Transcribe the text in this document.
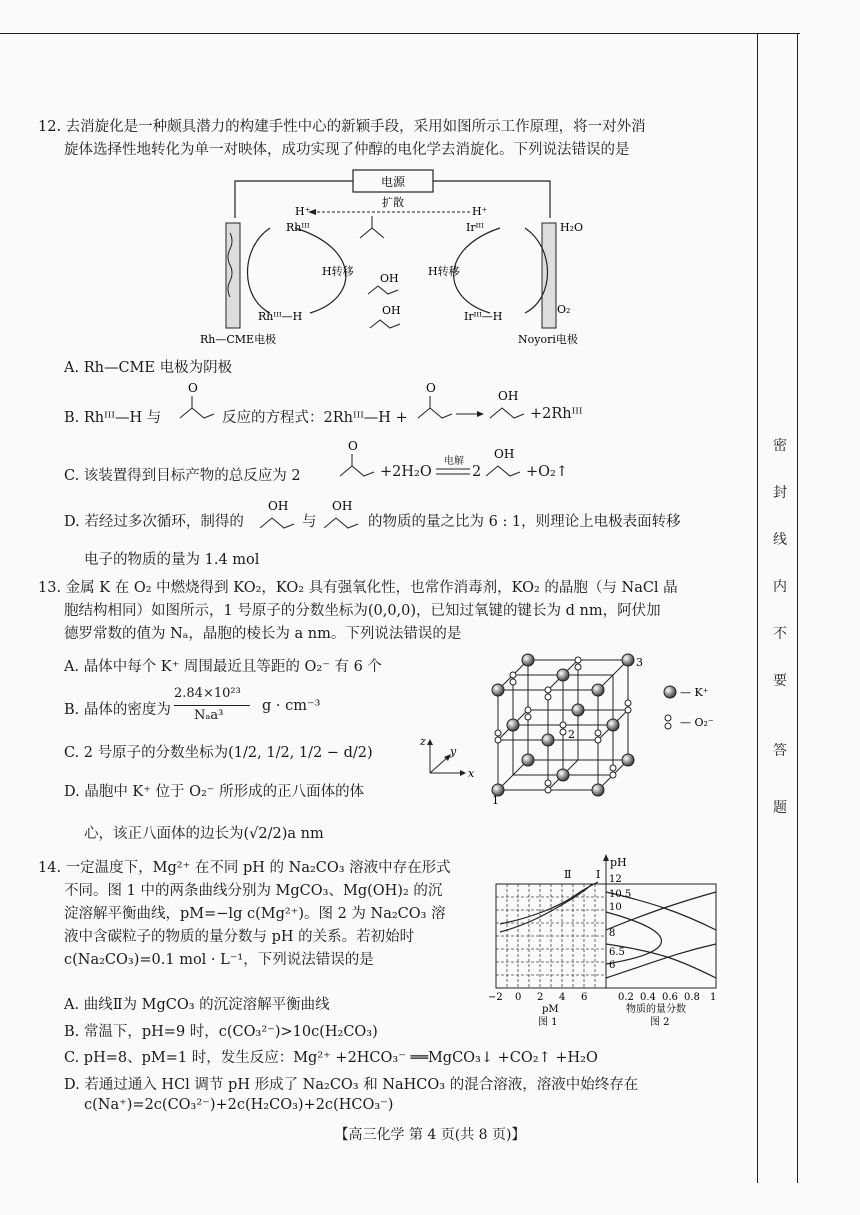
密
封
线
内
不
要
答
题
12. 去消旋化是一种颇具潜力的构建手性中心的新颖手段，采用如图所示工作原理，将一对外消
旋体选择性地转化为单一对映体，成功实现了仲醇的电化学去消旋化。下列说法错误的是
电源
扩散
H⁺	H⁺
Rhᴵᴵᴵ	Irᴵᴵᴵ	H₂O
H转移	H转移
OH
OH
Rhᴵᴵᴵ—H	Irᴵᴵᴵ—H
O₂
Rh—CME电极	Noyori电极
A. Rh—CME 电极为阴极
B. Rhᴵᴵᴵ—H 与
O
反应的方程式：2Rhᴵᴵᴵ—H +
O
OH
+2Rhᴵᴵᴵ
C. 该装置得到目标产物的总反应为 2
O
+2H₂O
电解
2
OH
+O₂↑
D. 若经过多次循环，制得的
OH
与
OH
的物质的量之比为 6 : 1，则理论上电极表面转移
电子的物质的量为 1.4 mol
13. 金属 K 在 O₂ 中燃烧得到 KO₂，KO₂ 具有强氧化性，也常作消毒剂，KO₂ 的晶胞（与 NaCl 晶
胞结构相同）如图所示，1 号原子的分数坐标为(0,0,0)，已知过氧键的键长为 d nm，阿伏加
德罗常数的值为 Nₐ，晶胞的棱长为 a nm。下列说法错误的是
A. 晶体中每个 K⁺ 周围最近且等距的 O₂⁻ 有 6 个
B. 晶体的密度为
2.84×10²³
Nₐa³
g · cm⁻³
C. 2 号原子的分数坐标为(1/2, 1/2, 1/2 − d/2)
D. 晶胞中 K⁺ 位于 O₂⁻ 所形成的正八面体的体
心，该正八面体的边长为(√2/2)a nm
z
y
x
1
2
3
— K⁺
— O₂⁻
14. 一定温度下，Mg²⁺ 在不同 pH 的 Na₂CO₃ 溶液中存在形式
不同。图 1 中的两条曲线分别为 MgCO₃、Mg(OH)₂ 的沉
淀溶解平衡曲线，pM=−lg c(Mg²⁺)。图 2 为 Na₂CO₃ 溶
液中含碳粒子的物质的量分数与 pH 的关系。若初始时
c(Na₂CO₃)=0.1 mol · L⁻¹，下列说法错误的是
A. 曲线Ⅱ为 MgCO₃ 的沉淀溶解平衡曲线
B. 常温下，pH=9 时，c(CO₃²⁻)>10c(H₂CO₃)
C. pH=8、pM=1 时，发生反应：Mg²⁺ +2HCO₃⁻ ══MgCO₃↓ +CO₂↑ +H₂O
D. 若通过通入 HCl 调节 pH 形成了 Na₂CO₃ 和 NaHCO₃ 的混合溶液，溶液中始终存在
c(Na⁺)=2c(CO₃²⁻)+2c(H₂CO₃)+2c(HCO₃⁻)
pH
Ⅱ Ⅰ 12
10.5
10
8
6.5
6
−2 0 2 4 6
pM
图 1
0.2 0.4 0.6 0.8 1
物质的量分数
图 2
【高三化学 第 4 页(共 8 页)】
